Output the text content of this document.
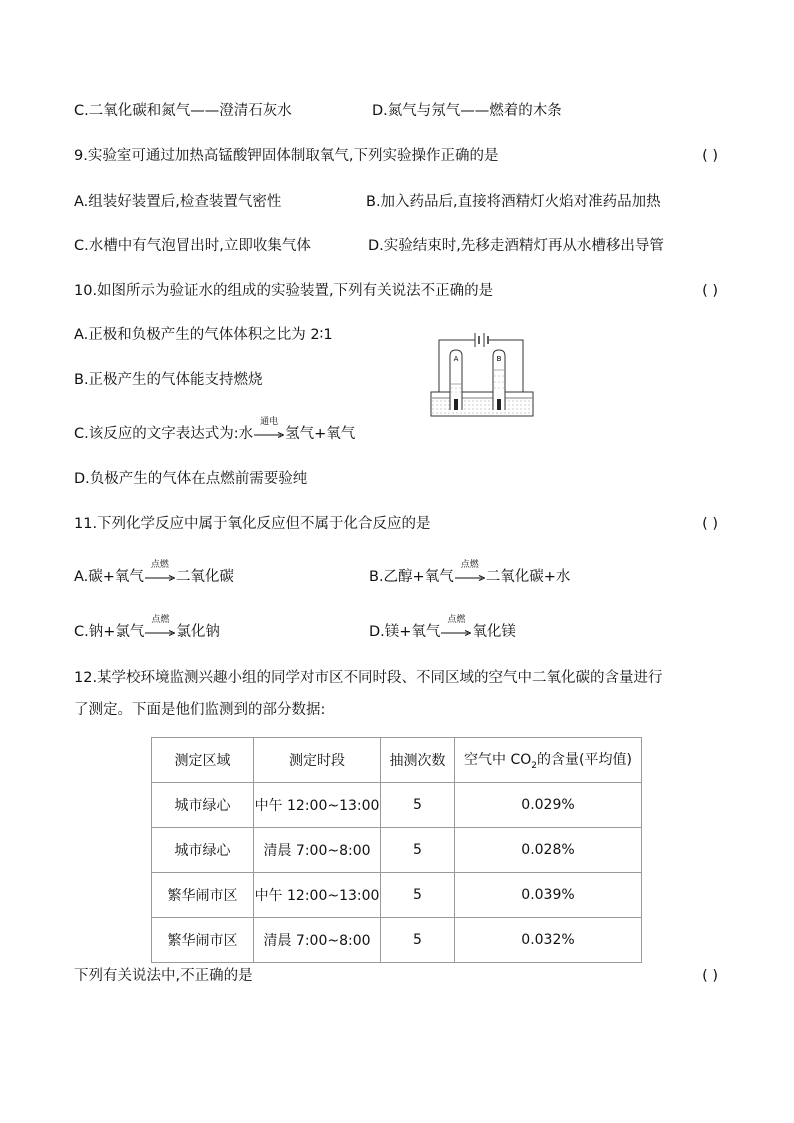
C.二氧化碳和氮气——澄清石灰水	D.氮气与氖气——燃着的木条
9.实验室可通过加热高锰酸钾固体制取氧气,下列实验操作正确的是	( )
A.组装好装置后,检查装置气密性	B.加入药品后,直接将酒精灯火焰对准药品加热
C.水槽中有气泡冒出时,立即收集气体	D.实验结束时,先移走酒精灯再从水槽移出导管
10.如图所示为验证水的组成的实验装置,下列有关说法不正确的是	( )
A.正极和负极产生的气体体积之比为 2∶1
B.正极产生的气体能支持燃烧
C.该反应的文字表达式为:水
通电
氢气+氧气
D.负极产生的气体在点燃前需要验纯
A	B
11.下列化学反应中属于氧化反应但不属于化合反应的是	( )
A.碳+氧气
点燃
二氧化碳	B.乙醇+氧气
点燃
二氧化碳+水
C.钠+氯气
点燃
氯化钠	D.镁+氧气
点燃
氧化镁
12.某学校环境监测兴趣小组的同学对市区不同时段、不同区域的空气中二氧化碳的含量进行
了测定。下面是他们监测到的部分数据:
测定区域	测定时段	抽测次数	空气中 $CO_2$的含量(平均值)
城市绿心	中午 12:00~13:00	5	0.029%
城市绿心	清晨 7:00~8:00	5	0.028%
繁华闹市区	中午 12:00~13:00	5	0.039%
繁华闹市区	清晨 7:00~8:00	5	0.032%
下列有关说法中,不正确的是	( )
